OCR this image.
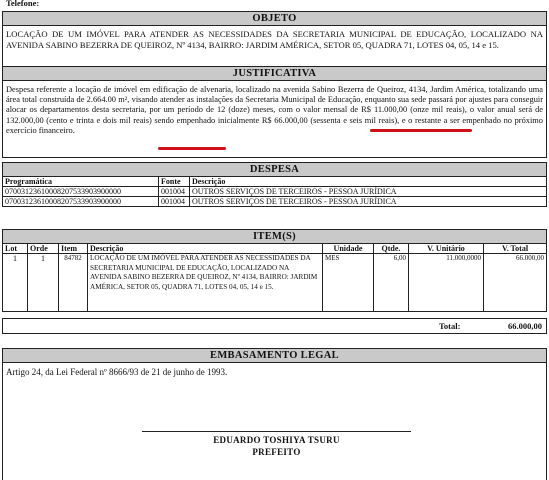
Telefone:
OBJETO
LOCAÇÃO DE UM IMÓVEL PARA ATENDER AS NECESSIDADES DA SECRETARIA MUNICIPAL DE EDUCAÇÃO, LOCALIZADO NA AVENIDA SABINO BEZERRA DE QUEIROZ, Nº 4134, BAIRRO: JARDIM AMÉRICA, SETOR 05, QUADRA 71, LOTES 04, 05, 14 e 15.
JUSTIFICATIVA
Despesa referente a locação de imóvel em edificação de alvenaria, localizado na avenida Sabino Bezerra de Queiroz, 4134, Jardim América, totalizando uma área total construída de 2.664.00 m², visando atender as instalações da Secretaria Municipal de Educação, enquanto sua sede passará por ajustes para conseguir alocar os departamentos desta secretaria, por um período de 12 (doze) meses, com o valor mensal de R$ 11.000,00 (onze mil reais), o valor anual será de 132.000,00 (cento e trinta e dois mil reais) sendo empenhado inicialmente R$ 66.000,00 (sessenta e seis mil reais), e o restante a ser empenhado no próximo exercício financeiro.
DESPESA
Programática	Fonte	Descrição
07003123610008207533903900000	001004	OUTROS SERVIÇOS DE TERCEIROS - PESSOA JURÍDICA
07003123610008207533903900000	001004	OUTROS SERVIÇOS DE TERCEIROS - PESSOA JURÍDICA
ITEM(S)
Lot	Orde	Item	Descrição	Unidade	Qtde.	V. Unitário	V. Total
1	1	84782	LOCAÇÃO DE UM IMÓVEL PARA ATENDER AS NECESSIDADES DA SECRETARIA MUNICIPAL DE EDUCAÇÃO, LOCALIZADO NA AVENIDA SABINO BEZERRA DE QUEIROZ, Nº 4134, BAIRRO: JARDIM AMÉRICA, SETOR 05, QUADRA 71, LOTES 04, 05, 14 e 15.	MES	6,00	11.000,0000	66.000,00
Total:	66.000,00
EMBASAMENTO LEGAL
Artigo 24, da Lei Federal nº 8666/93 de 21 de junho de 1993.
EDUARDO TOSHIYA TSURU
PREFEITO
